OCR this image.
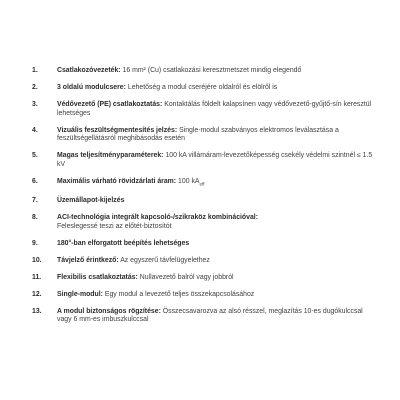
1.	Csatlakozóvezeték: 16 mm² (Cu) csatlakozási keresztmetszet mindig elegendő
2.	3 oldalú modulcsere: Lehetőség a modul cseréjére oldalról és elölről is
3.	Védővezető (PE) csatlakoztatás: Kontaktálás földelt kalapsínen vagy védővezető-gyűjtő-sín keresztül lehetséges
4.	Vizuális feszültségmentesítés jelzés: Single-modul szabványos elektromos leválasztása a feszültségellátásról meghibásodás esetén
5.	Magas teljesítményparaméterek: 100 kA villámáram-levezetőképesség csekély védelmi szintnél ≤ 1.5 kV
6.	Maximális várható rövidzárlati áram: 100 $kA_{eff}$
7.	Üzemállapot-kijelzés
8.	ACI-technológia integrált kapcsoló-/szikraköz kombinációval:
Feleslegessé teszi az előtét-biztosítót
9.	180°-ban elforgatott beépítés lehetséges
10.	Távjelző érintkező: Az egyszerű távfelügyelethez
11.	Flexibilis csatlakoztatás: Nullavezető balról vagy jobbról
12.	Single-modul: Egy modul a levezető teljes összekapcsolásához
13.	A modul biztonságos rögzítése: Összecsavarozva az alsó résszel, meglazítás 10-es dugókulccsal vagy 6 mm-es imbuszkulccsal
